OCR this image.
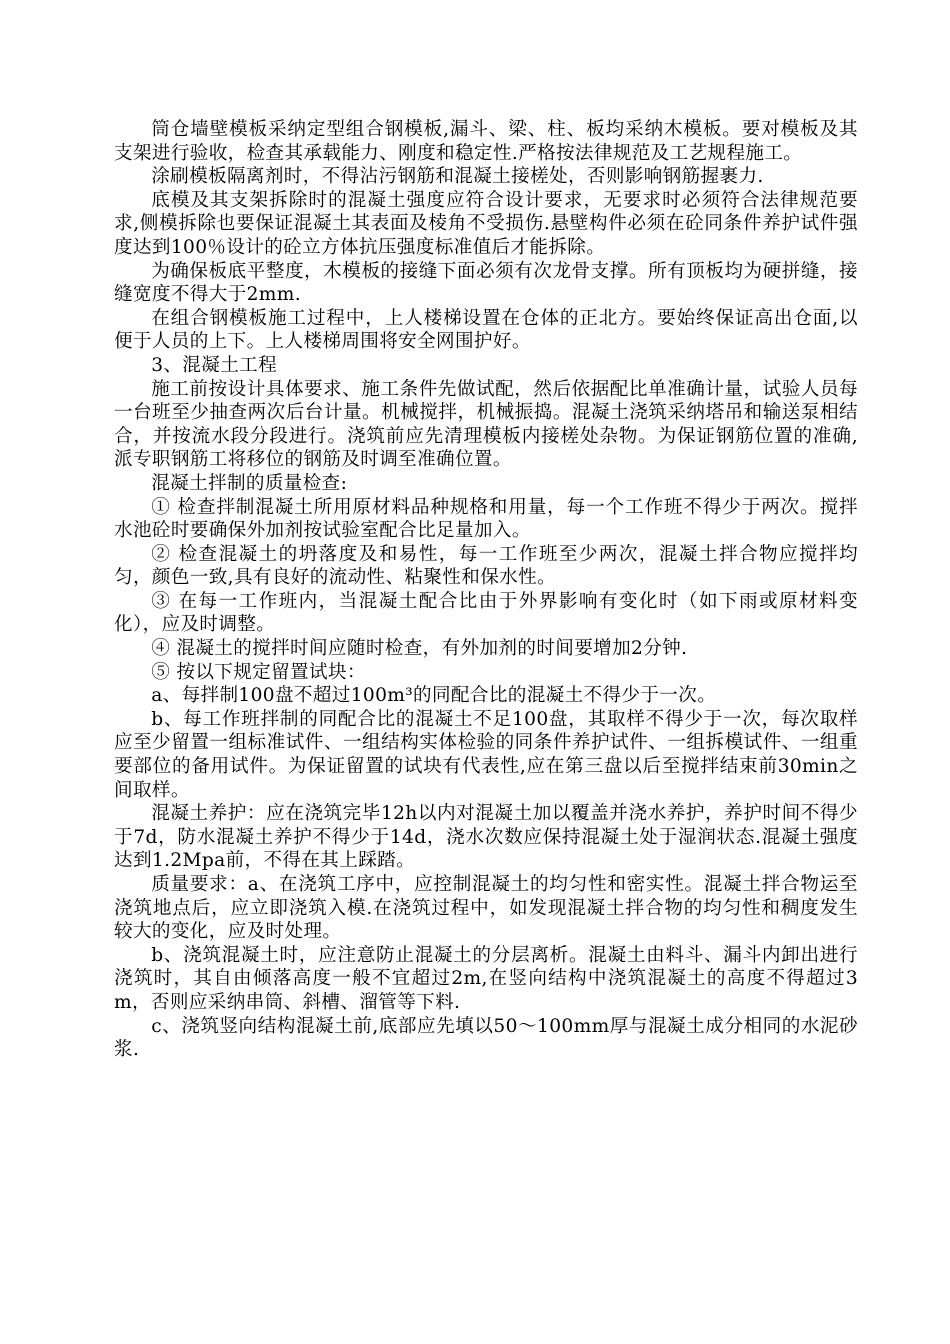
筒仓墙壁模板采纳定型组合钢模板,漏斗、梁、柱、板均采纳木模板。要对模板及其支架进行验收，检查其承载能力、刚度和稳定性.严格按法律规范及工艺规程施工。

涂刷模板隔离剂时，不得沾污钢筋和混凝土接槎处，否则影响钢筋握裹力.

底模及其支架拆除时的混凝土强度应符合设计要求，无要求时必须符合法律规范要求,侧模拆除也要保证混凝土其表面及棱角不受损伤.悬壁构件必须在砼同条件养护试件强度达到100％设计的砼立方体抗压强度标准值后才能拆除。

为确保板底平整度，木模板的接缝下面必须有次龙骨支撑。所有顶板均为硬拼缝，接缝宽度不得大于2mm.

在组合钢模板施工过程中，上人楼梯设置在仓体的正北方。要始终保证高出仓面,以便于人员的上下。上人楼梯周围将安全网围护好。

3、混凝土工程

施工前按设计具体要求、施工条件先做试配，然后依据配比单准确计量，试验人员每一台班至少抽查两次后台计量。机械搅拌，机械振捣。混凝土浇筑采纳塔吊和输送泵相结合，并按流水段分段进行。浇筑前应先清理模板内接槎处杂物。为保证钢筋位置的准确,派专职钢筋工将移位的钢筋及时调至准确位置。

混凝土拌制的质量检查:

① 检查拌制混凝土所用原材料品种规格和用量，每一个工作班不得少于两次。搅拌水池砼时要确保外加剂按试验室配合比足量加入。

② 检查混凝土的坍落度及和易性，每一工作班至少两次，混凝土拌合物应搅拌均匀，颜色一致,具有良好的流动性、粘聚性和保水性。

③ 在每一工作班内，当混凝土配合比由于外界影响有变化时（如下雨或原材料变化），应及时调整。

④ 混凝土的搅拌时间应随时检查，有外加剂的时间要增加2分钟.

⑤ 按以下规定留置试块：

a、每拌制100盘不超过100m³的同配合比的混凝土不得少于一次。

b、每工作班拌制的同配合比的混凝土不足100盘，其取样不得少于一次，每次取样应至少留置一组标准试件、一组结构实体检验的同条件养护试件、一组拆模试件、一组重要部位的备用试件。为保证留置的试块有代表性,应在第三盘以后至搅拌结束前30min之间取样。

混凝土养护：应在浇筑完毕12h以内对混凝土加以覆盖并浇水养护，养护时间不得少于7d，防水混凝土养护不得少于14d，浇水次数应保持混凝土处于湿润状态.混凝土强度达到1.2Mpa前，不得在其上踩踏。

质量要求：a、在浇筑工序中，应控制混凝土的均匀性和密实性。混凝土拌合物运至浇筑地点后，应立即浇筑入模.在浇筑过程中，如发现混凝土拌合物的均匀性和稠度发生较大的变化，应及时处理。

b、浇筑混凝土时，应注意防止混凝土的分层离析。混凝土由料斗、漏斗内卸出进行浇筑时，其自由倾落高度一般不宜超过2m,在竖向结构中浇筑混凝土的高度不得超过3m，否则应采纳串筒、斜槽、溜管等下料.

c、浇筑竖向结构混凝土前,底部应先填以50～100mm厚与混凝土成分相同的水泥砂浆.
